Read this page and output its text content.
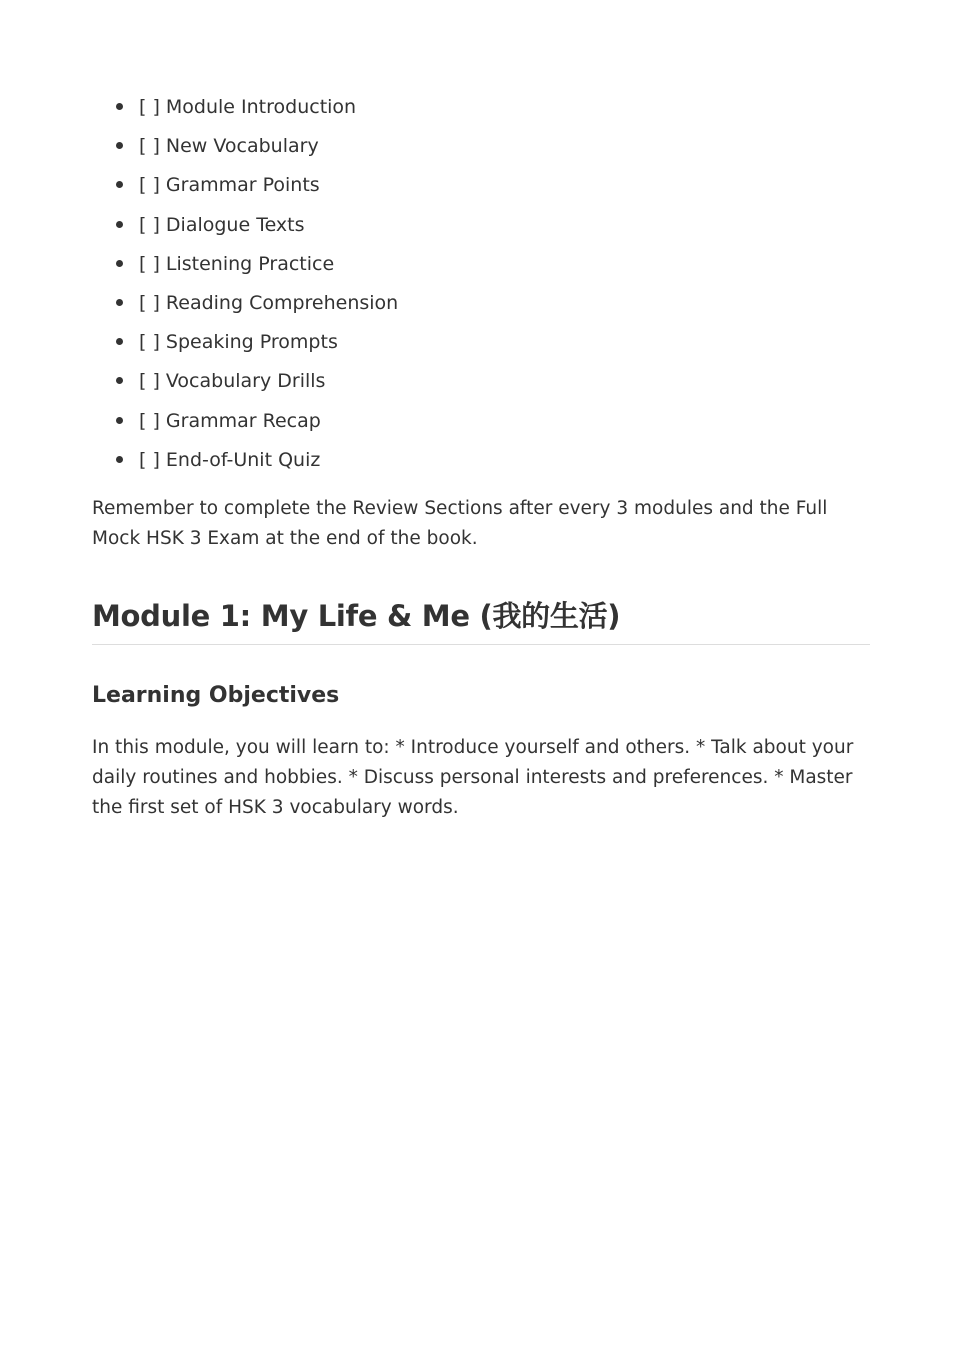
[ ] Module Introduction
[ ] New Vocabulary
[ ] Grammar Points
[ ] Dialogue Texts
[ ] Listening Practice
[ ] Reading Comprehension
[ ] Speaking Prompts
[ ] Vocabulary Drills
[ ] Grammar Recap
[ ] End-of-Unit Quiz

Remember to complete the Review Sections after every 3 modules and the Full Mock HSK 3 Exam at the end of the book.

Module 1: My Life & Me (我的生活)
Learning Objectives

In this module, you will learn to: * Introduce yourself and others. * Talk about your daily routines and hobbies. * Discuss personal interests and preferences. * Master the first set of HSK 3 vocabulary words.
